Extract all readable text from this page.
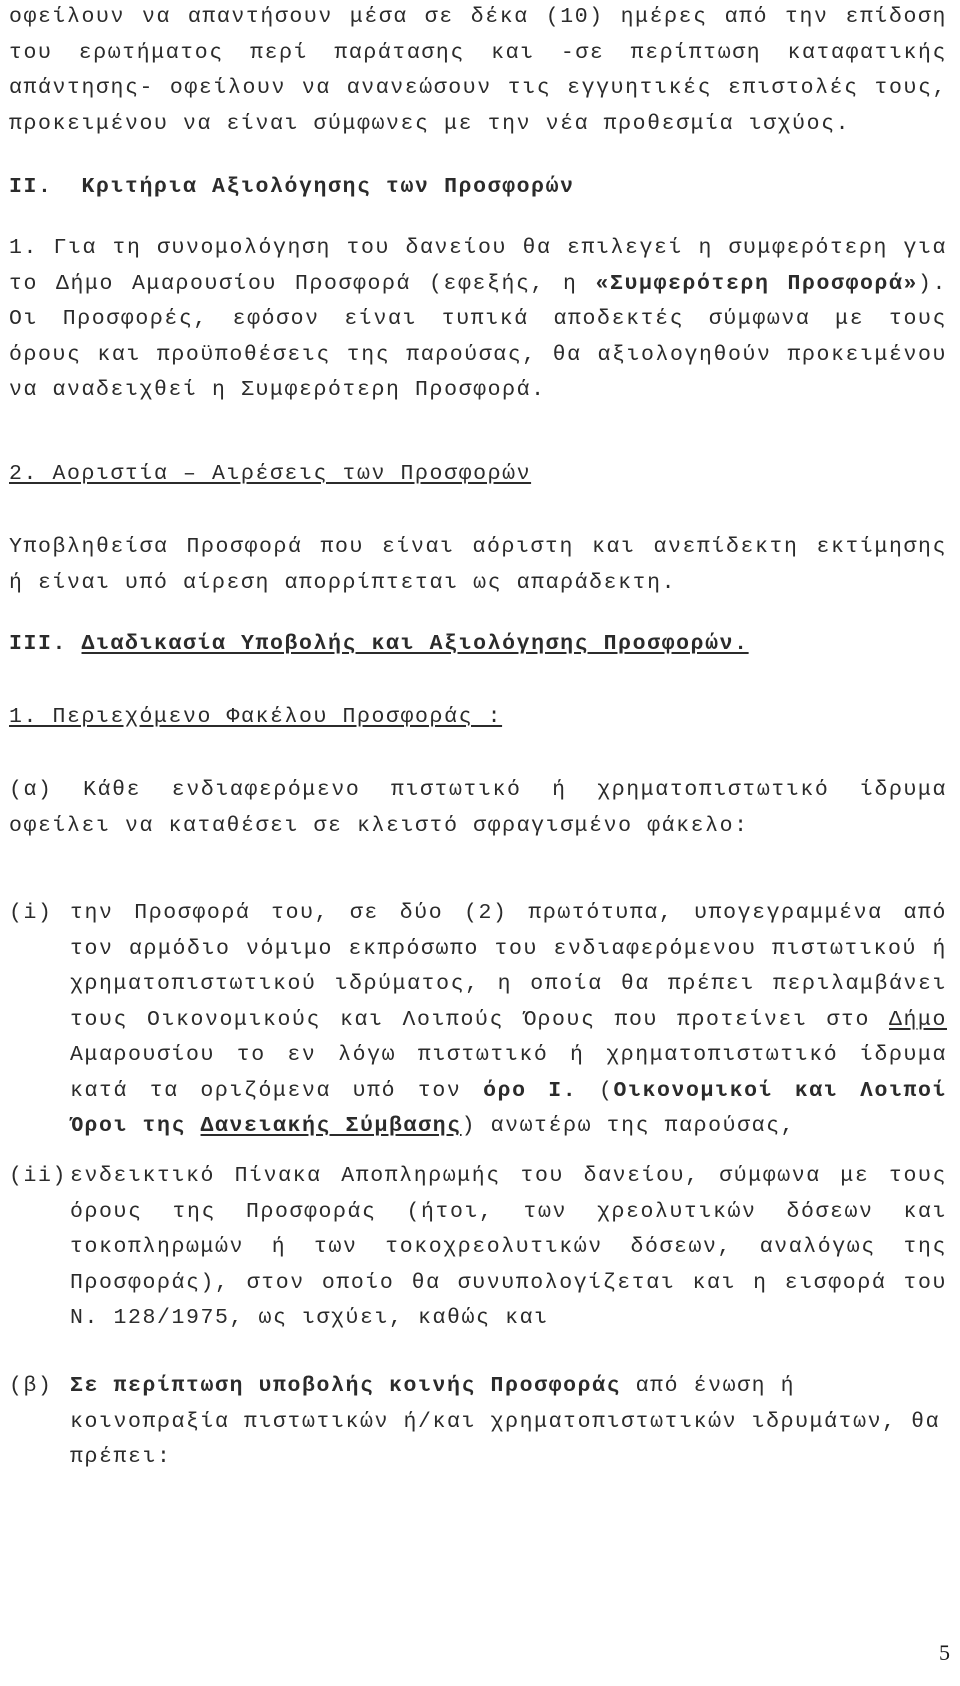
οφείλουν να απαντήσουν μέσα σε δέκα (10) ημέρες από την επίδοση του ερωτήματος περί παράτασης και -σε περίπτωση καταφατικής απάντησης- οφείλουν να ανανεώσουν τις εγγυητικές επιστολές τους, προκειμένου να είναι σύμφωνες με την νέα προθεσμία ισχύος.

ΙΙ.  Κριτήρια Αξιολόγησης των Προσφορών

1. Για τη συνομολόγηση του δανείου θα επιλεγεί η συμφερότερη για το Δήμο Αμαρουσίου Προσφορά (εφεξής, η «Συμφερότερη Προσφορά»). Οι Προσφορές, εφόσον είναι τυπικά αποδεκτές σύμφωνα με τους όρους και προϋποθέσεις της παρούσας, θα αξιολογηθούν προκειμένου να αναδειχθεί η Συμφερότερη Προσφορά.

2. Αοριστία – Αιρέσεις των Προσφορών

Υποβληθείσα Προσφορά που είναι αόριστη και ανεπίδεκτη εκτίμησης ή είναι υπό αίρεση απορρίπτεται ως απαράδεκτη.

ΙΙΙ. Διαδικασία Υποβολής και Αξιολόγησης Προσφορών.

1. Περιεχόμενο Φακέλου Προσφοράς :

(α) Κάθε ενδιαφερόμενο πιστωτικό ή χρηματοπιστωτικό ίδρυμα οφείλει να καταθέσει σε κλειστό σφραγισμένο φάκελο:

(i) την Προσφορά του, σε δύο (2) πρωτότυπα, υπογεγραμμένα από τον αρμόδιο νόμιμο εκπρόσωπο του ενδιαφερόμενου πιστωτικού ή χρηματοπιστωτικού ιδρύματος, η οποία θα πρέπει περιλαμβάνει τους Οικονομικούς και Λοιπούς Όρους που προτείνει στο Δήμο Αμαρουσίου το εν λόγω πιστωτικό ή χρηματοπιστωτικό ίδρυμα κατά τα οριζόμενα υπό τον όρο Ι. (Οικονομικοί και Λοιποί Όροι της Δανειακής Σύμβασης) ανωτέρω της παρούσας,
(ii) ενδεικτικό Πίνακα Αποπληρωμής του δανείου, σύμφωνα με τους όρους της Προσφοράς (ήτοι, των χρεολυτικών δόσεων και τοκοπληρωμών ή των τοκοχρεολυτικών δόσεων, αναλόγως της Προσφοράς), στον οποίο θα συνυπολογίζεται και η εισφορά του Ν. 128/1975, ως ισχύει, καθώς και
(β) Σε περίπτωση υποβολής κοινής Προσφοράς από ένωση ή κοινοπραξία πιστωτικών ή/και χρηματοπιστωτικών ιδρυμάτων, θα πρέπει:
5
